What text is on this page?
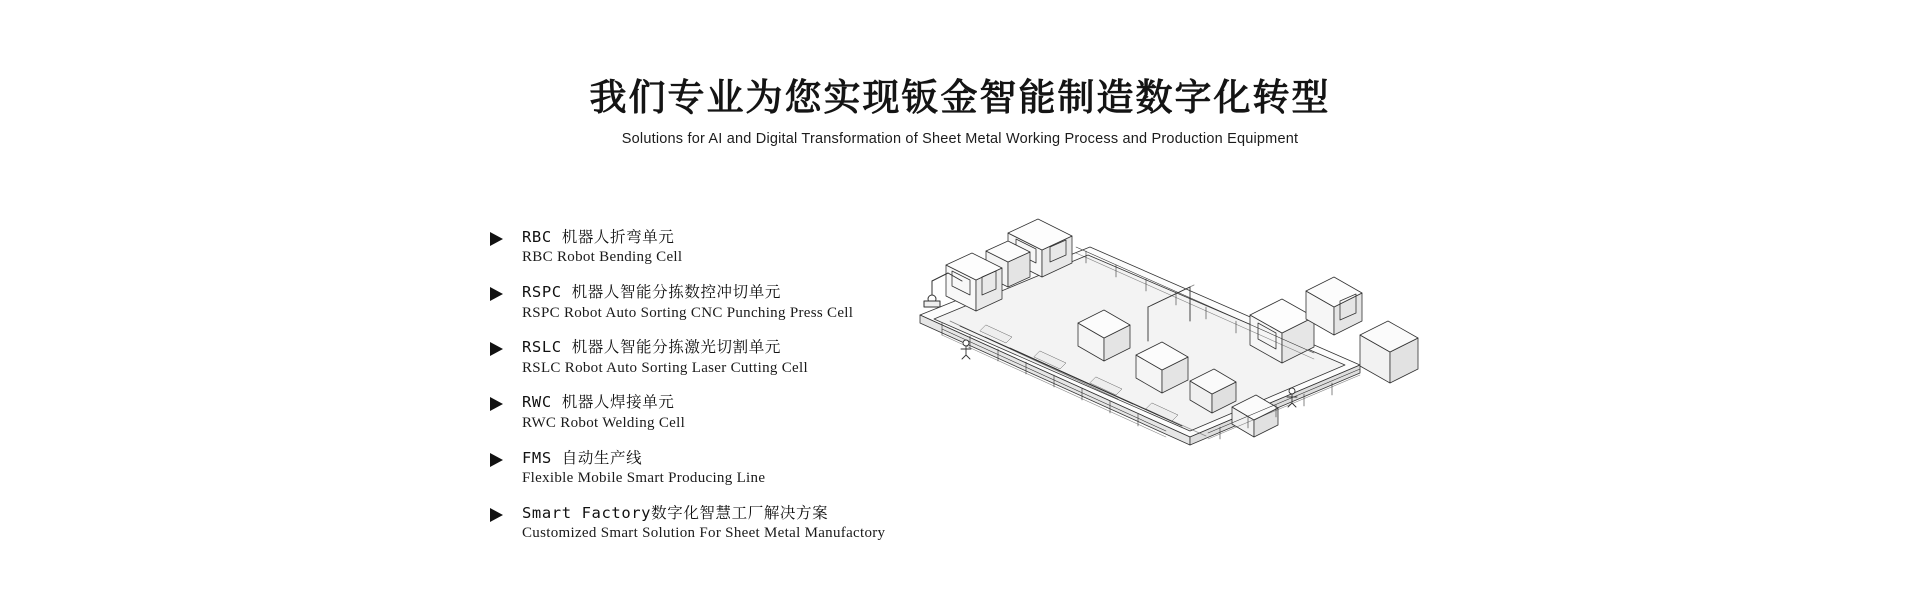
我们专业为您实现钣金智能制造数字化转型
Solutions for AI and Digital Transformation of Sheet Metal Working Process and Production Equipment
RBC 机器人折弯单元
RBC Robot Bending Cell
RSPC 机器人智能分拣数控冲切单元
RSPC Robot Auto Sorting CNC Punching Press Cell
RSLC 机器人智能分拣激光切割单元
RSLC Robot Auto Sorting Laser Cutting Cell
RWC 机器人焊接单元
RWC Robot Welding Cell
FMS 自动生产线
Flexible Mobile Smart Producing Line
Smart Factory数字化智慧工厂解决方案
Customized Smart Solution For Sheet Metal Manufactory
